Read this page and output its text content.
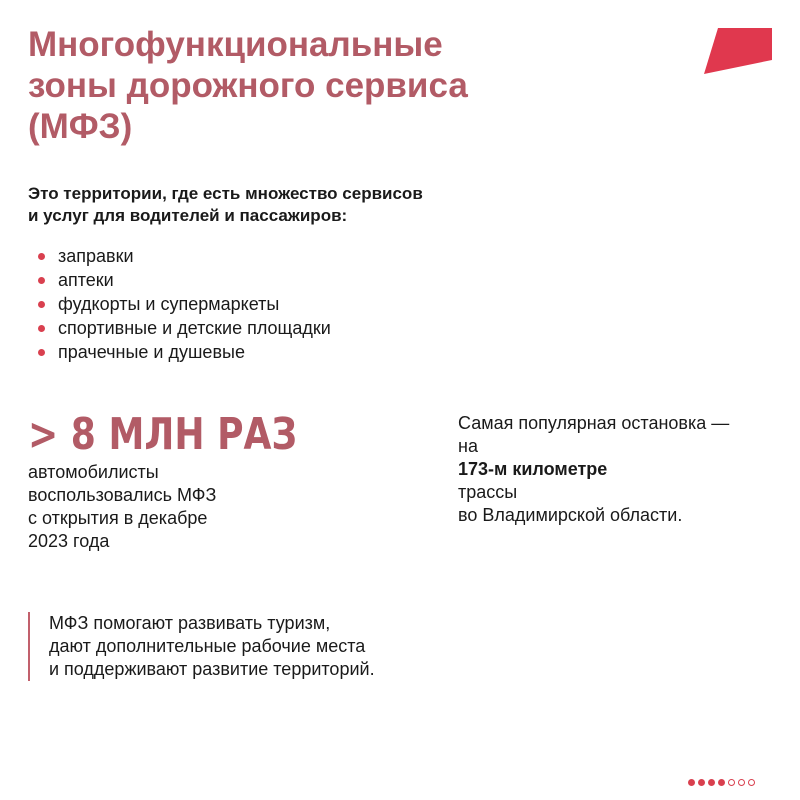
Многофункциональные
зоны дорожного сервиса
(МФЗ)

Это территории, где есть множество сервисов
и услуг для водителей и пассажиров:

заправки
аптеки
фудкорты и супермаркеты
спортивные и детские площадки
прачечные и душевые
> 8 МЛН РАЗ

автомобилисты
воспользовались МФЗ
с открытия в декабре
2023 года

Самая популярная остановка —
на
173-м километре
трассы
во Владимирской области.

МФЗ помогают развивать туризм,
дают дополнительные рабочие места
и поддерживают развитие территорий.
